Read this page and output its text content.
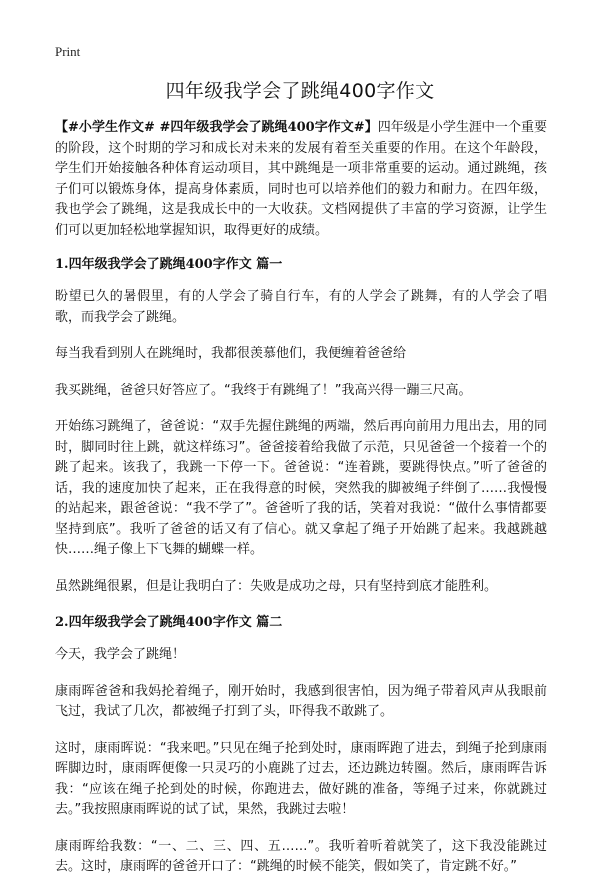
Print
四年级我学会了跳绳400字作文

【#小学生作文# #四年级我学会了跳绳400字作文#】四年级是小学生涯中一个重要的阶段，这个时期的学习和成长对未来的发展有着至关重要的作用。在这个年龄段，学生们开始接触各种体育运动项目，其中跳绳是一项非常重要的运动。通过跳绳，孩子们可以锻炼身体，提高身体素质，同时也可以培养他们的毅力和耐力。在四年级，我也学会了跳绳，这是我成长中的一大收获。文档网提供了丰富的学习资源，让学生们可以更加轻松地掌握知识，取得更好的成绩。

1.四年级我学会了跳绳400字作文 篇一

盼望已久的暑假里，有的人学会了骑自行车，有的人学会了跳舞，有的人学会了唱歌，而我学会了跳绳。

每当我看到别人在跳绳时，我都很羡慕他们，我便缠着爸爸给

我买跳绳，爸爸只好答应了。“我终于有跳绳了！”我高兴得一蹦三尺高。

开始练习跳绳了，爸爸说：“双手先握住跳绳的两端，然后再向前用力甩出去，用的同时，脚同时往上跳，就这样练习”。爸爸接着给我做了示范，只见爸爸一个接着一个的跳了起来。该我了，我跳一下停一下。爸爸说：“连着跳，要跳得快点。”听了爸爸的话，我的速度加快了起来，正在我得意的时候，突然我的脚被绳子绊倒了……我慢慢的站起来，跟爸爸说：“我不学了”。爸爸听了我的话，笑着对我说：“做什么事情都要坚持到底”。我听了爸爸的话又有了信心。就又拿起了绳子开始跳了起来。我越跳越快……绳子像上下飞舞的蝴蝶一样。

虽然跳绳很累，但是让我明白了：失败是成功之母，只有坚持到底才能胜利。

2.四年级我学会了跳绳400字作文 篇二

今天，我学会了跳绳！

康雨晖爸爸和我妈抡着绳子，刚开始时，我感到很害怕，因为绳子带着风声从我眼前飞过，我试了几次，都被绳子打到了头，吓得我不敢跳了。

这时，康雨晖说：“我来吧。”只见在绳子抡到处时，康雨晖跑了进去，到绳子抡到康雨晖脚边时，康雨晖便像一只灵巧的小鹿跳了过去，还边跳边转圈。然后，康雨晖告诉我：“应该在绳子抡到处的时候，你跑进去，做好跳的准备，等绳子过来，你就跳过去。”我按照康雨晖说的试了试，果然，我跳过去啦！

康雨晖给我数：“一、二、三、四、五……”。我听着听着就笑了，这下我没能跳过去。这时，康雨晖的爸爸开口了：“跳绳的时候不能笑，假如笑了，肯定跳不好。”
